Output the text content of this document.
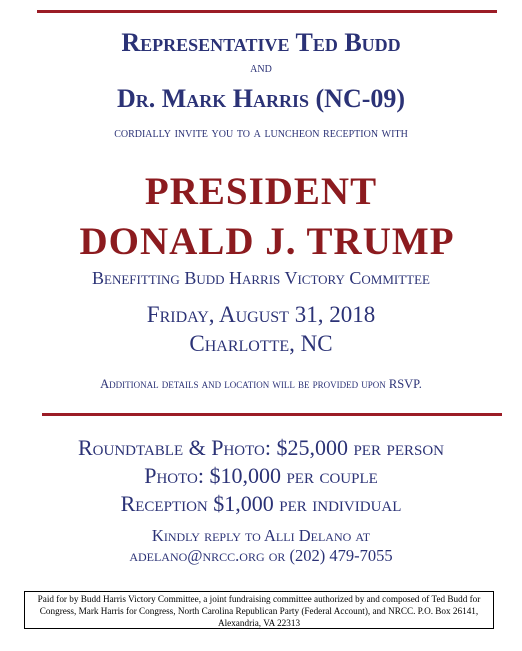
Representative Ted Budd
and
Dr. Mark Harris (NC-09)
cordially invite you to a luncheon reception with
PRESIDENT
DONALD J. TRUMP
Benefitting Budd Harris Victory Committee
Friday, August 31, 2018
Charlotte, NC
Additional details and location will be provided upon RSVP.
Roundtable & Photo: $25,000 per person
Photo: $10,000 per couple
Reception $1,000 per individual
Kindly reply to Alli Delano at
adelano@nrcc.org or (202) 479-7055
Paid for by Budd Harris Victory Committee, a joint fundraising committee authorized by and composed of Ted Budd for Congress, Mark Harris for Congress, North Carolina Republican Party (Federal Account), and NRCC. P.O. Box 26141, Alexandria, VA 22313
